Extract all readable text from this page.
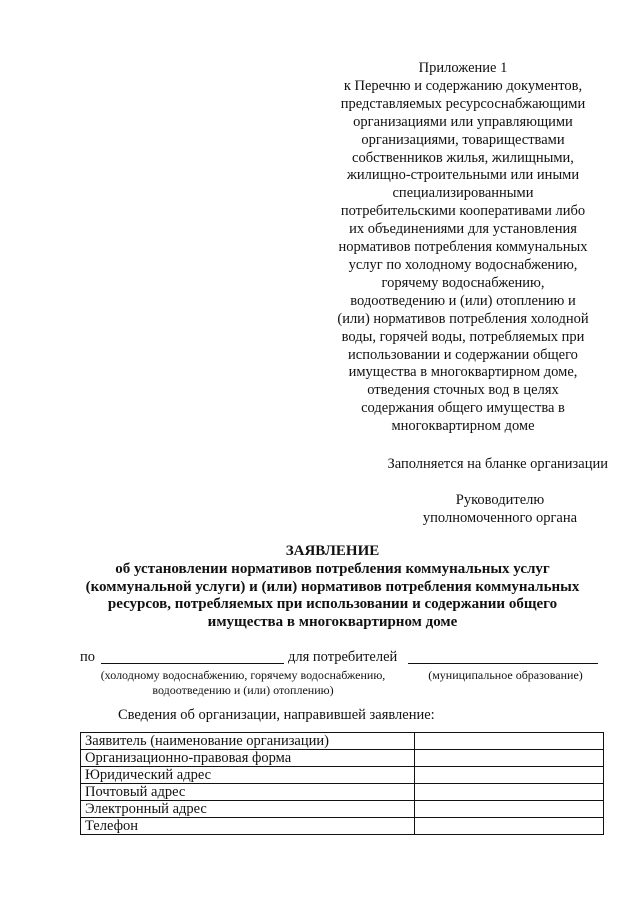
Приложение 1
к Перечню и содержанию документов,
представляемых ресурсоснабжающими
организациями или управляющими
организациями, товариществами
собственников жилья, жилищными,
жилищно-строительными или иными
специализированными
потребительскими кооперативами либо
их объединениями для установления
нормативов потребления коммунальных
услуг по холодному водоснабжению,
горячему водоснабжению,
водоотведению и (или) отоплению и
(или) нормативов потребления холодной
воды, горячей воды, потребляемых при
использовании и содержании общего
имущества в многоквартирном доме,
отведения сточных вод в целях
содержания общего имущества в
многоквартирном доме
Заполняется на бланке организации
Руководителю
уполномоченного органа
ЗАЯВЛЕНИЕ
об установлении нормативов потребления коммунальных услуг
(коммунальной услуги) и (или) нормативов потребления коммунальных
ресурсов, потребляемых при использовании и содержании общего
имущества в многоквартирном доме
по	для потребителей
(холодному водоснабжению, горячему водоснабжению,
водоотведению и (или) отоплению)
(муниципальное образование)
Сведения об организации, направившей заявление:
Заявитель (наименование организации)	
Организационно-правовая форма	
Юридический адрес	
Почтовый адрес	
Электронный адрес	
Телефон	
